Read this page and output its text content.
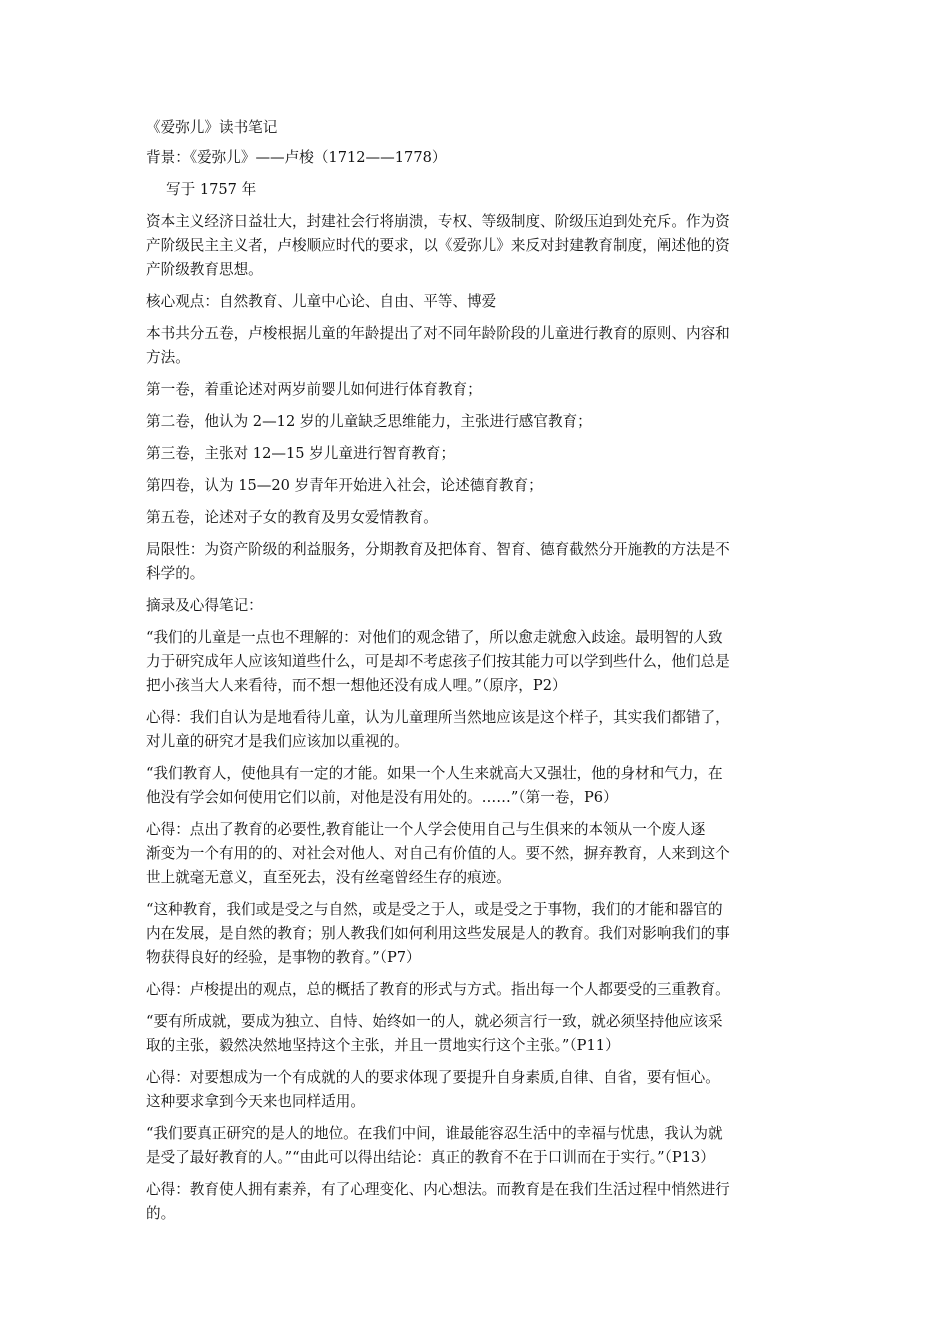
《爱弥儿》读书笔记
背景：《爱弥儿》——卢梭（1712——1778）
写于 1757 年
资本主义经济日益壮大，封建社会行将崩溃，专权、等级制度、阶级压迫到处充斥。作为资
产阶级民主主义者，卢梭顺应时代的要求，以《爱弥儿》来反对封建教育制度，阐述他的资
产阶级教育思想。
核心观点：自然教育、儿童中心论、自由、平等、博爱
本书共分五卷，卢梭根据儿童的年龄提出了对不同年龄阶段的儿童进行教育的原则、内容和
方法。
第一卷，着重论述对两岁前婴儿如何进行体育教育；
第二卷，他认为 2—12 岁的儿童缺乏思维能力，主张进行感官教育；
第三卷，主张对 12—15 岁儿童进行智育教育；
第四卷，认为 15—20 岁青年开始进入社会，论述德育教育；
第五卷，论述对子女的教育及男女爱情教育。
局限性：为资产阶级的利益服务，分期教育及把体育、智育、德育截然分开施教的方法是不
科学的。
摘录及心得笔记：
“我们的儿童是一点也不理解的：对他们的观念错了，所以愈走就愈入歧途。最明智的人致
力于研究成年人应该知道些什么，可是却不考虑孩子们按其能力可以学到些什么，他们总是
把小孩当大人来看待，而不想一想他还没有成人哩。”（原序，P2）
心得：我们自认为是地看待儿童，认为儿童理所当然地应该是这个样子，其实我们都错了，
对儿童的研究才是我们应该加以重视的。
“我们教育人，使他具有一定的才能。如果一个人生来就高大又强壮，他的身材和气力，在
他没有学会如何使用它们以前，对他是没有用处的。……”（第一卷，P6）
心得：点出了教育的必要性,教育能让一个人学会使用自己与生俱来的本领从一个废人逐
渐变为一个有用的的、对社会对他人、对自己有价值的人。要不然，摒弃教育，人来到这个
世上就毫无意义，直至死去，没有丝毫曾经生存的痕迹。
“这种教育，我们或是受之与自然，或是受之于人，或是受之于事物，我们的才能和器官的
内在发展，是自然的教育；别人教我们如何利用这些发展是人的教育。我们对影响我们的事
物获得良好的经验，是事物的教育。”（P7）
心得：卢梭提出的观点，总的概括了教育的形式与方式。指出每一个人都要受的三重教育。
“要有所成就，要成为独立、自恃、始终如一的人，就必须言行一致，就必须坚持他应该采
取的主张，毅然决然地坚持这个主张，并且一贯地实行这个主张。”（P11）
心得：对要想成为一个有成就的人的要求体现了要提升自身素质,自律、自省，要有恒心。
这种要求拿到今天来也同样适用。
“我们要真正研究的是人的地位。在我们中间，谁最能容忍生活中的幸福与忧患，我认为就
是受了最好教育的人。”“由此可以得出结论：真正的教育不在于口训而在于实行。”（P13）
心得：教育使人拥有素养，有了心理变化、内心想法。而教育是在我们生活过程中悄然进行
的。
